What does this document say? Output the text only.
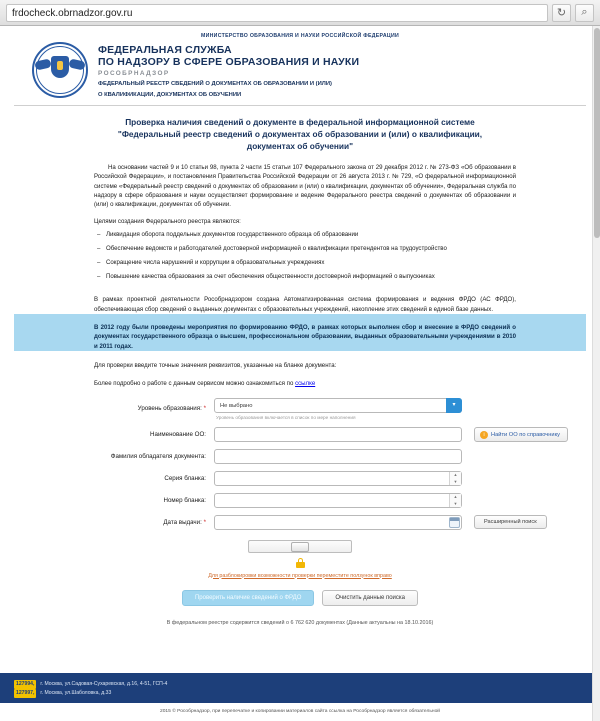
frdocheck.obrnadzor.gov.ru	↻	⌕
МИНИСТЕРСТВО ОБРАЗОВАНИЯ И НАУКИ РОССИЙСКОЙ ФЕДЕРАЦИИ
ФЕДЕРАЛЬНАЯ СЛУЖБА
ПО НАДЗОРУ В СФЕРЕ ОБРАЗОВАНИЯ И НАУКИ
РОСОБРНАДЗОР
ФЕДЕРАЛЬНЫЙ РЕЕСТР СВЕДЕНИЙ О ДОКУМЕНТАХ ОБ ОБРАЗОВАНИИ И (ИЛИ)
О КВАЛИФИКАЦИИ, ДОКУМЕНТАХ ОБ ОБУЧЕНИИ
Проверка наличия сведений о документе в федеральной информационной системе
"Федеральный реестр сведений о документах об образовании и (или) о квалификации,
документах об обучении"
На основании частей 9 и 10 статьи 98, пункта 2 части 15 статьи 107 Федерального закона от 29 декабря 2012 г. № 273-ФЗ «Об образовании в Российской Федерации», и постановления Правительства Российской Федерации от 26 августа 2013 г. № 729, «О федеральной информационной системе «Федеральный реестр сведений о документах об образовании и (или) о квалификации, документах об обучении», Федеральная служба по надзору в сфере образования и науки осуществляет формирование и ведение Федерального реестра сведений о документах об образовании и (или) о квалификации, документах об обучении.
Целями создания Федерального реестра являются:
– Ликвидация оборота поддельных документов государственного образца об образовании
– Обеспечение ведомств и работодателей достоверной информацией о квалификации претендентов на трудоустройство
– Сокращение числа нарушений и коррупции в образовательных учреждениях
– Повышение качества образования за счет обеспечения общественности достоверной информацией о выпускниках
В рамках проектной деятельности Рособрнадзором создана Автоматизированная система формирования и ведения ФРДО (АС ФРДО), обеспечивающая сбор сведений о выданных документах с образовательных учреждений, накопление этих сведений в единой базе данных.
В 2012 году были проведены мероприятия по формированию ФРДО, в рамках которых выполнен сбор и внесение в ФРДО сведений о документах государственного образца о высшем, профессиональном образовании, выданных образовательными учреждениями в 2010 и 2011 годах.
Для проверки введите точные значения реквизитов, указанные на бланке документа:
Более подробно о работе с данным сервисом можно ознакомиться по ссылке
Уровень образования: *	Не выбрано	▾
Уровень образования включается в список по мере наполнения
Наименование ОО:	i	Найти ОО по справочнику
Фамилия обладателя документа:
Серия бланка:	▲
▼
Номер бланка:	▲
▼
Дата выдачи: *	Расширенный поиск
Для разблокировки возможности проверки переместите ползунок вправо
Проверить наличие сведений о ФРДО	Очистить данные поиска
В федеральном реестре содержится сведений о 6 762 620 документах (Данные актуальны на 18.10.2016)
127994, г. Москва, ул.Садовая-Сухаревская, д.16, 4-51, ГСП-4
127997, г. Москва, ул.Шаболовка, д.33
2015 © Рособрнадзор, при перепечатке и копировании материалов сайта ссылка на Рособрнадзор является обязательной
